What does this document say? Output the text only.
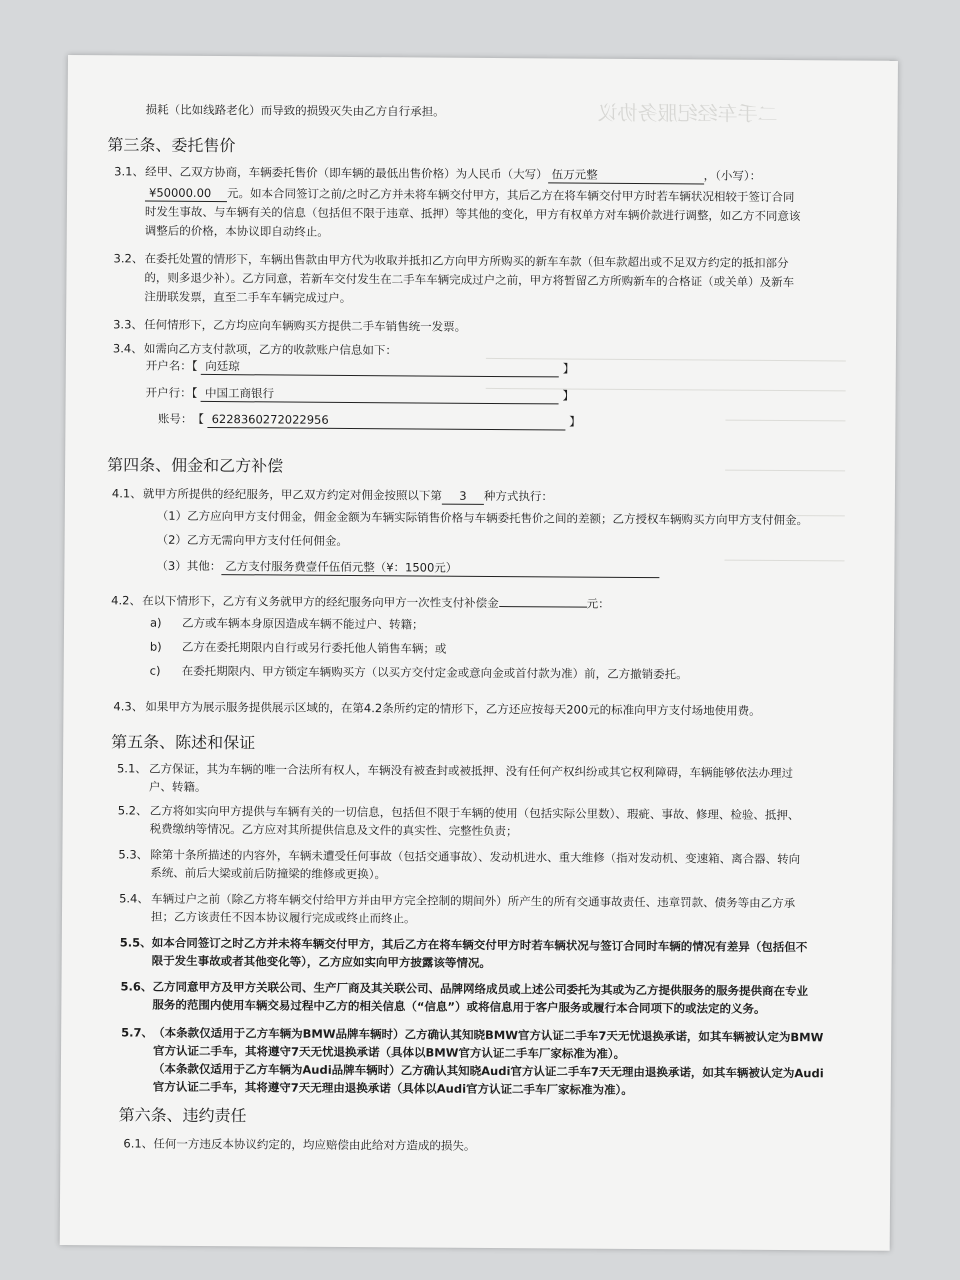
二手车经纪服务协议
损耗（比如线路老化）而导致的损毁灭失由乙方自行承担。
第三条、委托售价
3.1、 经甲、乙双方协商，车辆委托售价（即车辆的最低出售价格）为人民币（大写） 伍万元整	，（小写）：
¥50000.00 元。如本合同签订之前/之时乙方并未将车辆交付甲方，其后乙方在将车辆交付甲方时若车辆状况相较于签订合同
时发生事故、与车辆有关的信息（包括但不限于违章、抵押）等其他的变化，甲方有权单方对车辆价款进行调整，如乙方不同意该
调整后的价格，本协议即自动终止。
3.2、 在委托处置的情形下，车辆出售款由甲方代为收取并抵扣乙方向甲方所购买的新车车款（但车款超出或不足双方约定的抵扣部分
的，则多退少补）。乙方同意，若新车交付发生在二手车车辆完成过户之前，甲方将暂留乙方所购新车的合格证（或关单）及新车
注册联发票，直至二手车车辆完成过户。
3.3、 任何情形下，乙方均应向车辆购买方提供二手车销售统一发票。
3.4、 如需向乙方支付款项，乙方的收款账户信息如下：
开户名：【 向廷琼	】
开户行：【 中国工商银行	】
账号：【 6228360272022956	】
第四条、佣金和乙方补偿
4.1、 就甲方所提供的经纪服务，甲乙双方约定对佣金按照以下第 3 种方式执行：
（1）乙方应向甲方支付佣金，佣金金额为车辆实际销售价格与车辆委托售价之间的差额；乙方授权车辆购买方向甲方支付佣金。
（2）乙方无需向甲方支付任何佣金。
（3）其他： 乙方支付服务费壹仟伍佰元整（¥：1500元）
4.2、 在以下情形下，乙方有义务就甲方的经纪服务向甲方一次性支付补偿金	元：
a) 乙方或车辆本身原因造成车辆不能过户、转籍；
b) 乙方在委托期限内自行或另行委托他人销售车辆；或
c) 在委托期限内、甲方锁定车辆购买方（以买方交付定金或意向金或首付款为准）前，乙方撤销委托。
4.3、 如果甲方为展示服务提供展示区域的，在第4.2条所约定的情形下，乙方还应按每天200元的标准向甲方支付场地使用费。
第五条、陈述和保证
5.1、 乙方保证，其为车辆的唯一合法所有权人，车辆没有被查封或被抵押、没有任何产权纠纷或其它权利障碍，车辆能够依法办理过
户、转籍。
5.2、 乙方将如实向甲方提供与车辆有关的一切信息，包括但不限于车辆的使用（包括实际公里数）、瑕疵、事故、修理、检验、抵押、
税费缴纳等情况。乙方应对其所提供信息及文件的真实性、完整性负责；
5.3、 除第十条所描述的内容外，车辆未遭受任何事故（包括交通事故）、发动机进水、重大维修（指对发动机、变速箱、离合器、转向
系统、前后大梁或前后防撞梁的维修或更换）。
5.4、 车辆过户之前（除乙方将车辆交付给甲方并由甲方完全控制的期间外）所产生的所有交通事故责任、违章罚款、债务等由乙方承
担；乙方该责任不因本协议履行完成或终止而终止。
5.5、 如本合同签订之时乙方并未将车辆交付甲方，其后乙方在将车辆交付甲方时若车辆状况与签订合同时车辆的情况有差异（包括但不
限于发生事故或者其他变化等），乙方应如实向甲方披露该等情况。
5.6、 乙方同意甲方及甲方关联公司、生产厂商及其关联公司、品牌网络成员或上述公司委托为其或为乙方提供服务的服务提供商在专业
服务的范围内使用车辆交易过程中乙方的相关信息（“信息”）或将信息用于客户服务或履行本合同项下的或法定的义务。
5.7、 （本条款仅适用于乙方车辆为BMW品牌车辆时）乙方确认其知晓BMW官方认证二手车7天无忧退换承诺，如其车辆被认定为BMW
官方认证二手车，其将遵守7天无忧退换承诺（具体以BMW官方认证二手车厂家标准为准）。
（本条款仅适用于乙方车辆为Audi品牌车辆时）乙方确认其知晓Audi官方认证二手车7天无理由退换承诺，如其车辆被认定为Audi
官方认证二手车，其将遵守7天无理由退换承诺（具体以Audi官方认证二手车厂家标准为准）。
第六条、违约责任
6.1、 任何一方违反本协议约定的，均应赔偿由此给对方造成的损失。
